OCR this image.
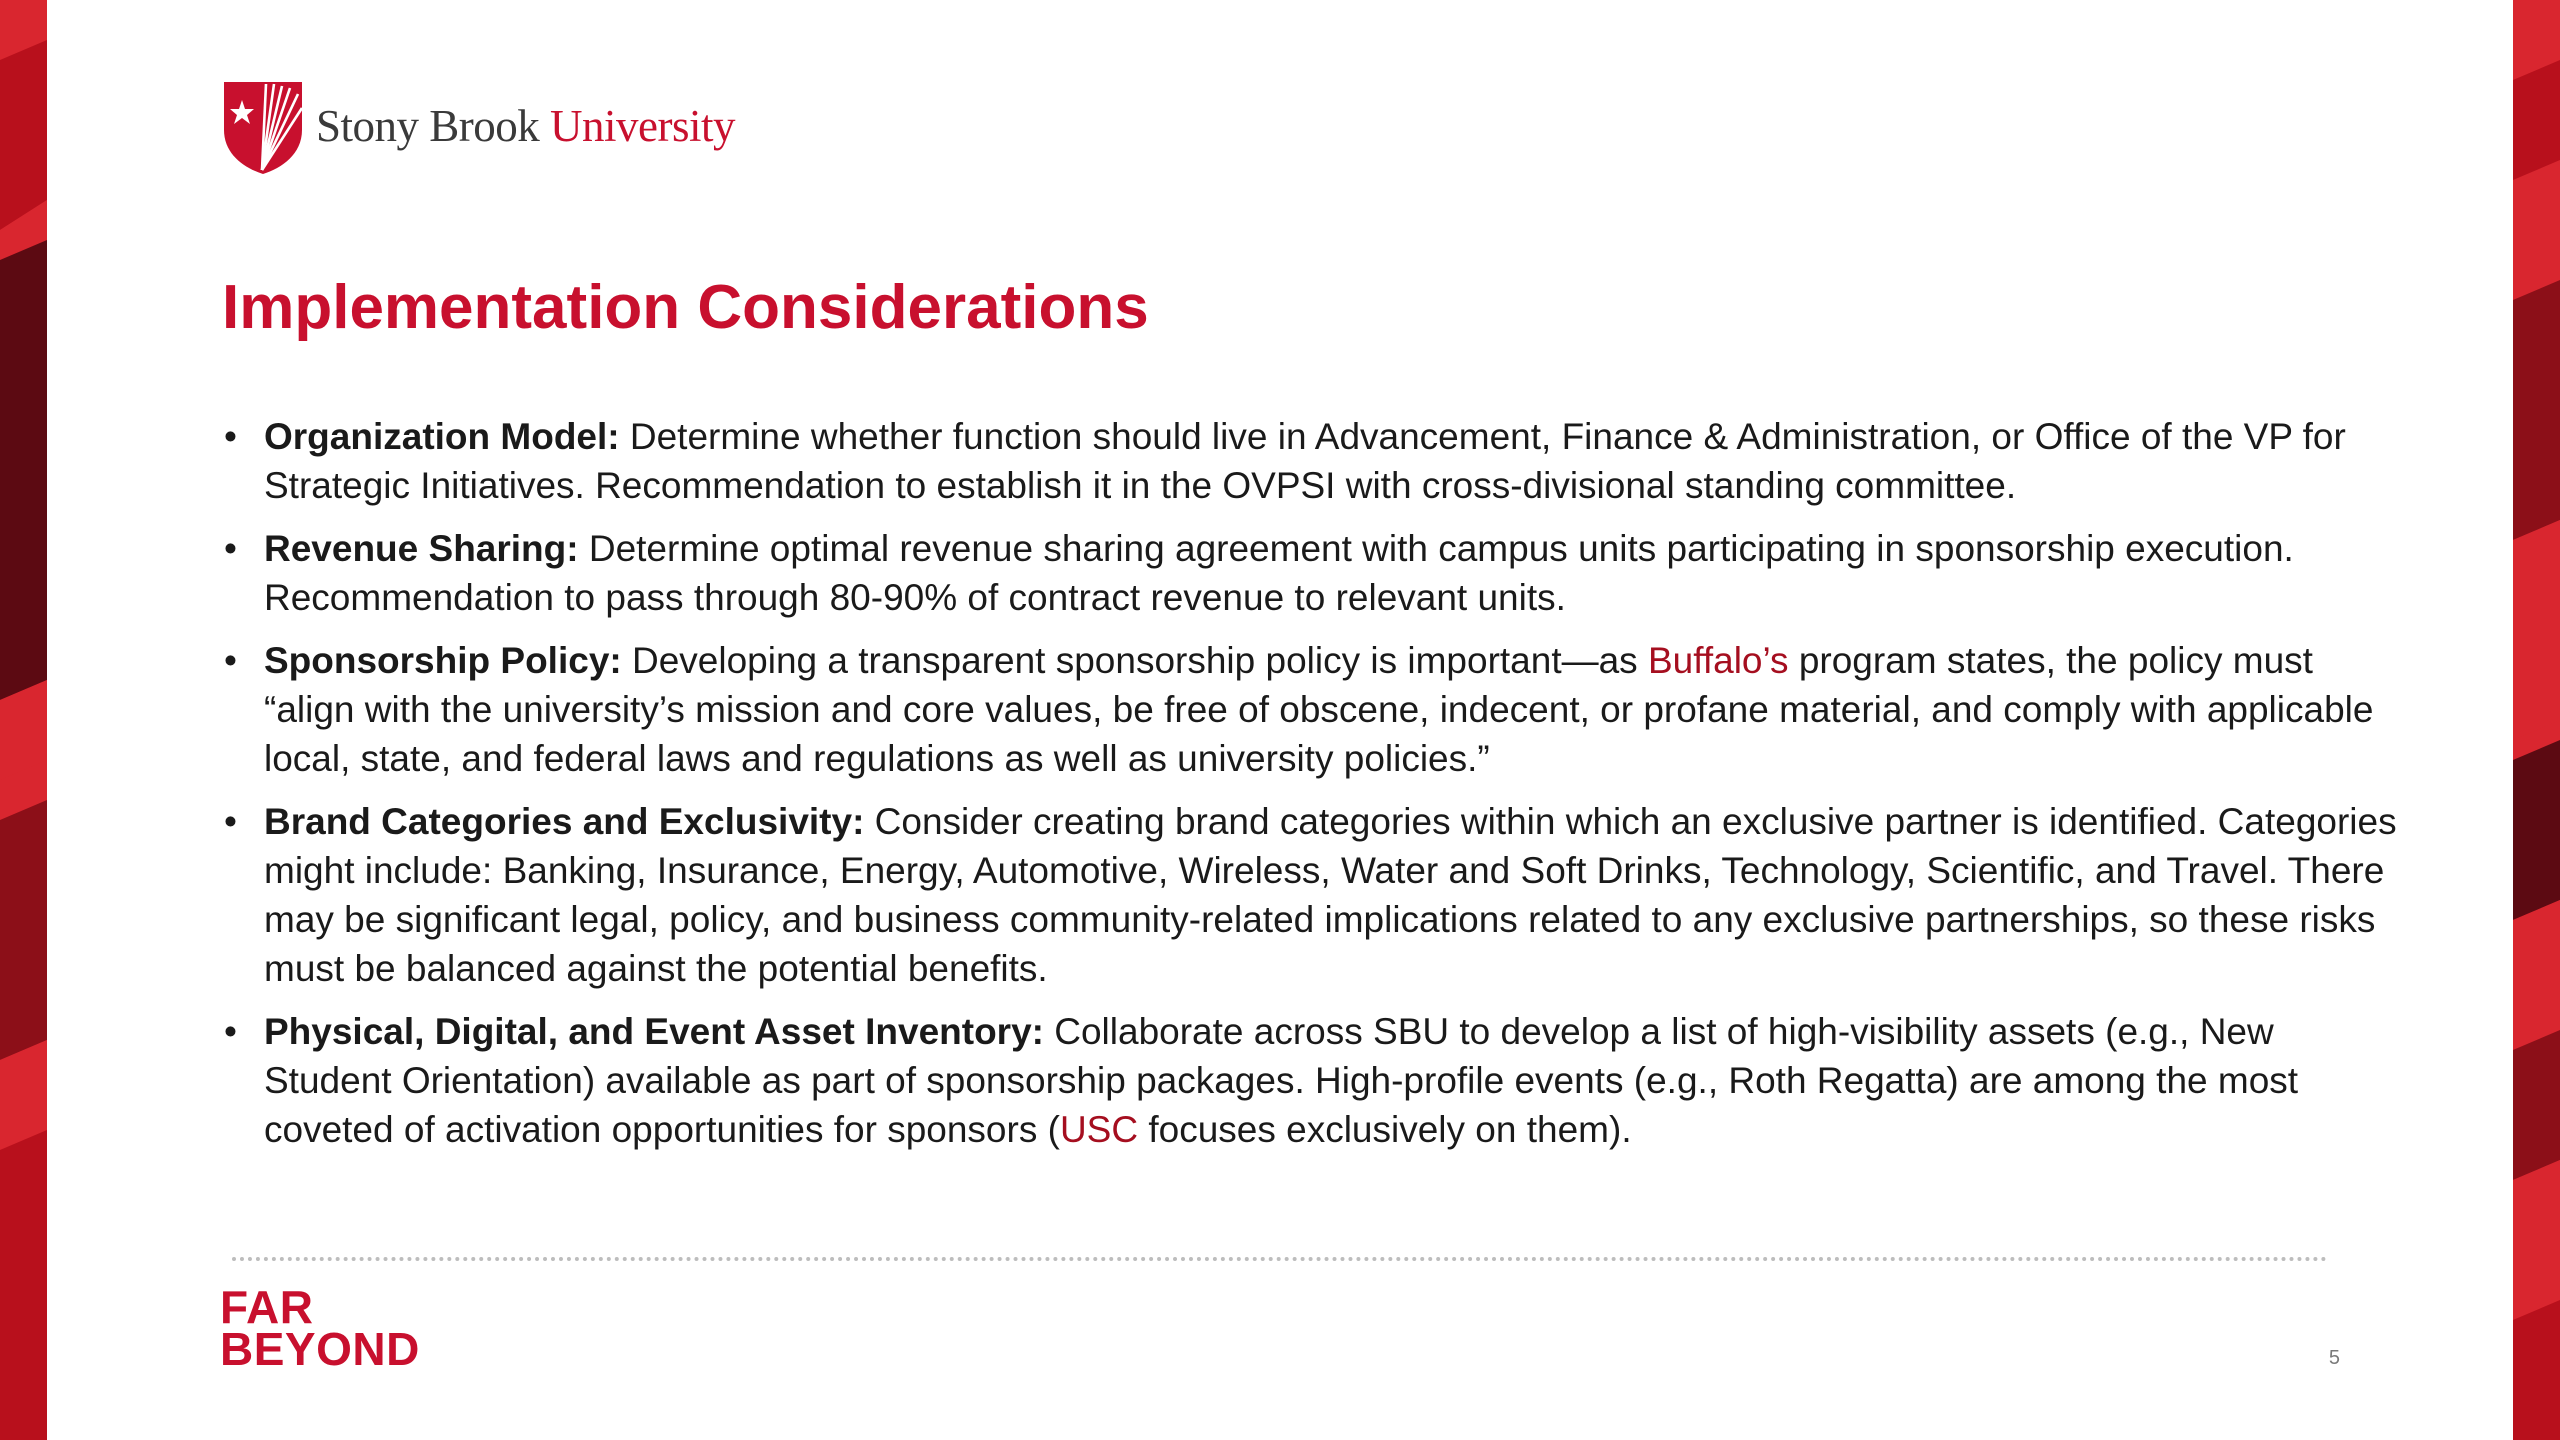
Stony Brook University
Implementation Considerations
• Organization Model: Determine whether function should live in Advancement, Finance & Administration, or Office of the VP for Strategic Initiatives. Recommendation to establish it in the OVPSI with cross-divisional standing committee.
• Revenue Sharing: Determine optimal revenue sharing agreement with campus units participating in sponsorship execution. Recommendation to pass through 80-90% of contract revenue to relevant units.
• Sponsorship Policy: Developing a transparent sponsorship policy is important—as Buffalo’s program states, the policy must “align with the university’s mission and core values, be free of obscene, indecent, or profane material, and comply with applicable local, state, and federal laws and regulations as well as university policies.”
• Brand Categories and Exclusivity: Consider creating brand categories within which an exclusive partner is identified. Categories might include: Banking, Insurance, Energy, Automotive, Wireless, Water and Soft Drinks, Technology, Scientific, and Travel. There may be significant legal, policy, and business community-related implications related to any exclusive partnerships, so these risks must be balanced against the potential benefits.
• Physical, Digital, and Event Asset Inventory: Collaborate across SBU to develop a list of high-visibility assets (e.g., New Student Orientation) available as part of sponsorship packages. High-profile events (e.g., Roth Regatta) are among the most coveted of activation opportunities for sponsors (USC focuses exclusively on them).
FAR
BEYOND	5
